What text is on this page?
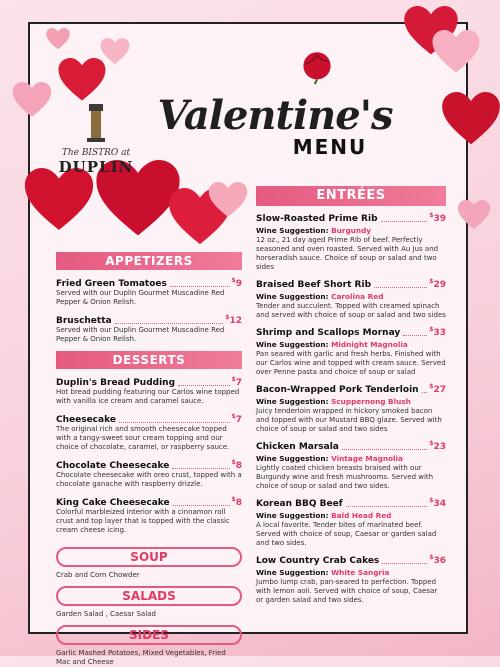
The BISTRO at
DUPLIN
Valentine's
MENU
APPETIZERS
Fried Green Tomatoes	$9
Served with our Duplin Gourmet Muscadine Red Pepper & Onion Relish.
Bruschetta	$12
Served with our Duplin Gourmet Muscadine Red Pepper & Onion Relish.
DESSERTS
Duplin's Bread Pudding	$7
Hot bread pudding featuring our Carlos wine topped with vanilla ice cream and caramel sauce.
Cheesecake	$7
The original rich and smooth cheesecake topped with a tangy-sweet sour cream topping and our choice of chocolate, caramel, or raspberry sauce.
Chocolate Cheesecake	$8
Chocolate cheesecake with oreo crust, topped with a chocolate ganache with raspberry drizzle.
King Cake Cheesecake	$8
Colorful marbleized interior with a cinnamon roll crust and top layer that is topped with the classic cream cheese icing.
SOUP
Crab and Corn Chowder
SALADS
Garden Salad , Caesar Salad
SIDES
Garlic Mashed Potatoes, Mixed Vegetables, Fried Mac and Cheese
ENTRÉES
Slow-Roasted Prime Rib	$39
Wine Suggestion: Burgundy
12 oz., 21 day aged Prime Rib of beef. Perfectly seasoned and oven roasted. Served with Au Jus and horseradish sauce. Choice of soup or salad and two sides
Braised Beef Short Rib	$29
Wine Suggestion: Carolina Red
Tender and succulent. Topped with creamed spinach and served with choice of soup or salad and two sides
Shrimp and Scallops Mornay	$33
Wine Suggestion: Midnight Magnolia
Pan seared with garlic and fresh herbs. Finished with our Carlos wine and topped with cream sauce. Served over Penne pasta and choice of soup or salad
Bacon-Wrapped Pork Tenderloin $27
Wine Suggestion: Scuppernong Blush
Juicy tenderloin wrapped in hickory smoked bacon and topped with our Mustard BBQ glaze. Served with choice of soup or salad and two sides
Chicken Marsala	$23
Wine Suggestion: Vintage Magnolia
Lightly coated chicken breasts braised with our Burgundy wine and fresh mushrooms. Served with choice of soup or salad and two sides.
Korean BBQ Beef	$34
Wine Suggestion: Bald Head Red
A local favorite. Tender bites of marinated beef. Served with choice of soup, Caesar or garden salad and two sides.
Low Country Crab Cakes	$36
Wine Suggestion: White Sangria
Jumbo lump crab, pan-seared to perfection. Topped with lemon aoli. Served with choice of soup, Caesar or garden salad and two sides.
